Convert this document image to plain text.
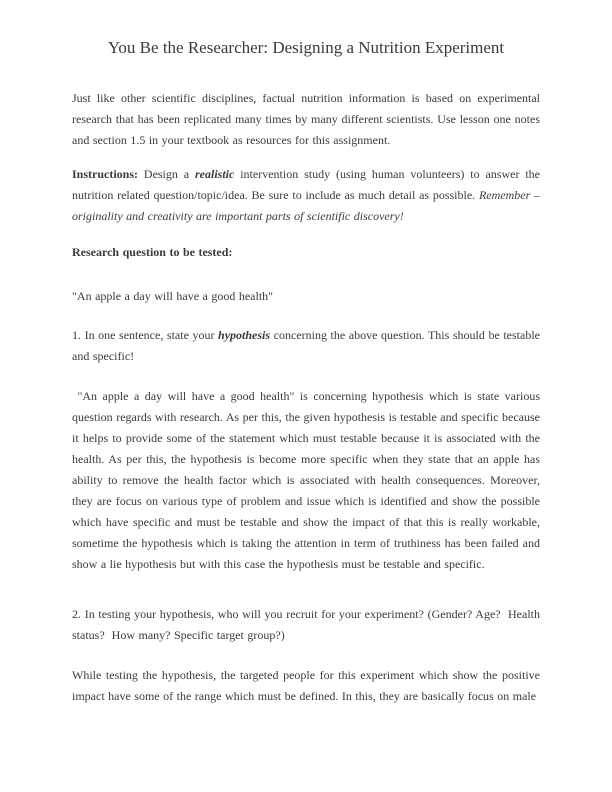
You Be the Researcher: Designing a Nutrition Experiment

Just like other scientific disciplines, factual nutrition information is based on experimental research that has been replicated many times by many different scientists. Use lesson one notes and section 1.5 in your textbook as resources for this assignment.

Instructions: Design a realistic intervention study (using human volunteers) to answer the nutrition related question/topic/idea. Be sure to include as much detail as possible. Remember – originality and creativity are important parts of scientific discovery!

Research question to be tested:

"An apple a day will have a good health"

1. In one sentence, state your hypothesis concerning the above question. This should be testable and specific!

"An apple a day will have a good health" is concerning hypothesis which is state various question regards with research. As per this, the given hypothesis is testable and specific because it helps to provide some of the statement which must testable because it is associated with the health. As per this, the hypothesis is become more specific when they state that an apple has ability to remove the health factor which is associated with health consequences. Moreover, they are focus on various type of problem and issue which is identified and show the possible which have specific and must be testable and show the impact of that this is really workable, sometime the hypothesis which is taking the attention in term of truthiness has been failed and show a lie hypothesis but with this case the hypothesis must be testable and specific.

2. In testing your hypothesis, who will you recruit for your experiment? (Gender? Age?  Health status?  How many? Specific target group?)

While testing the hypothesis, the targeted people for this experiment which show the positive impact have some of the range which must be defined. In this, they are basically focus on male
